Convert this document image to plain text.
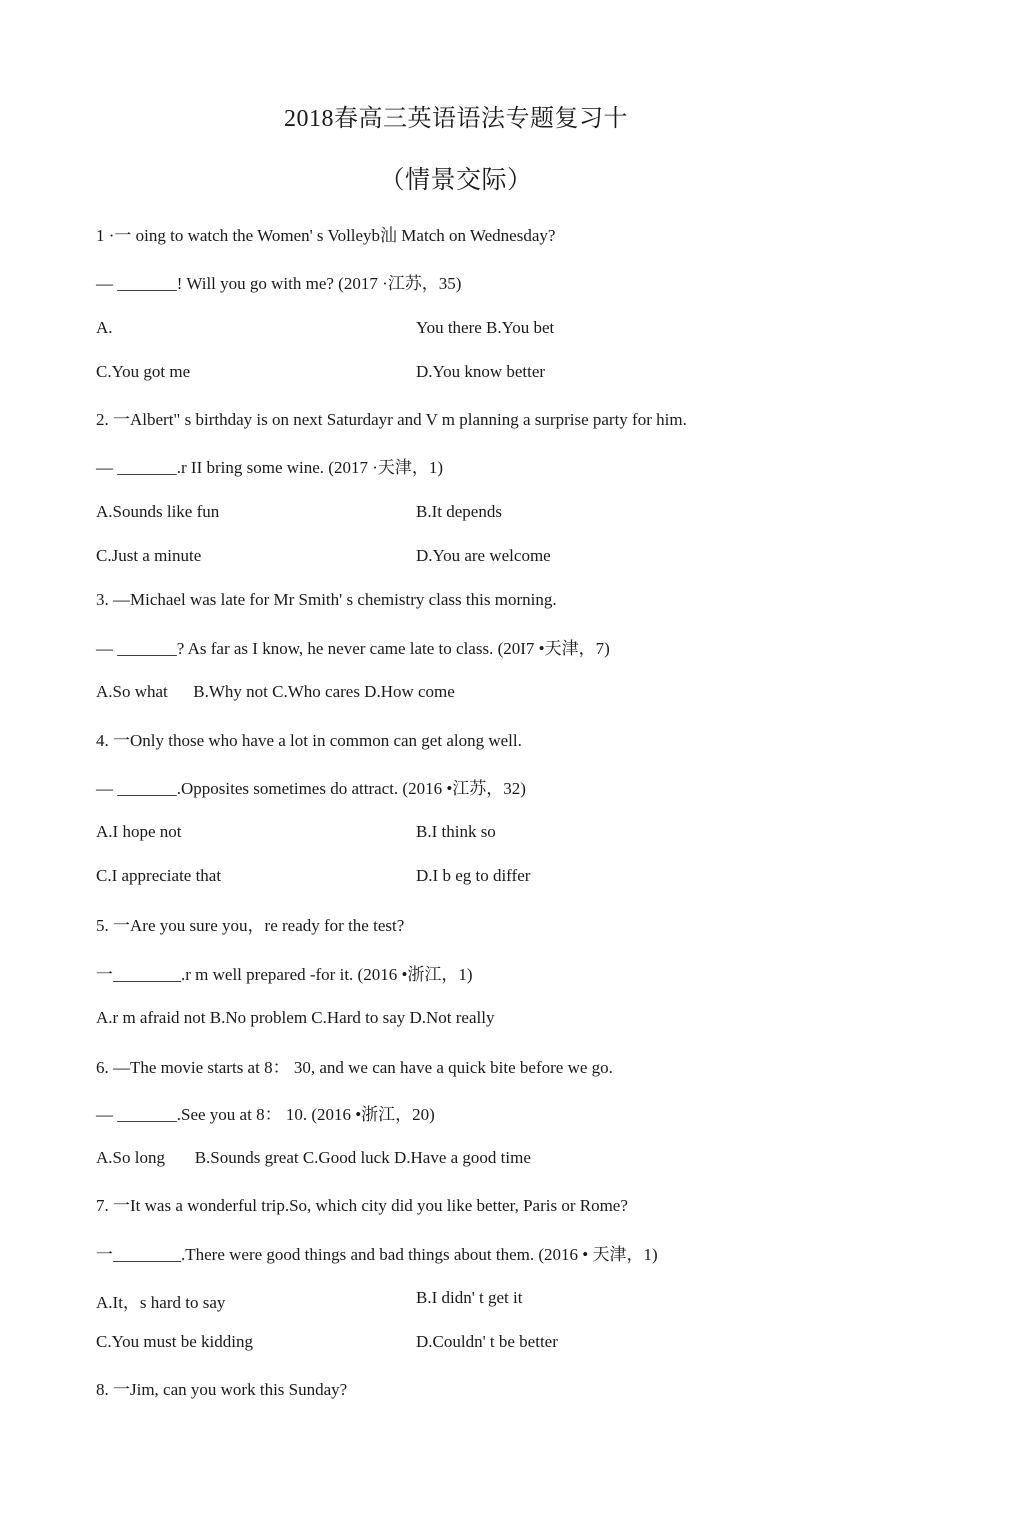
2018春高三英语语法专题复习十
（情景交际）
1 ·一 oing to watch the Women' s Volleyb汕 Match on Wednesday?
— _______! Will you go with me? (2017 ·江苏，35)
A.	You there B.You bet
C.You got me	D.You know better
2. 一Albert" s birthday is on next Saturdayr and V m planning a surprise party for him.
— _______.r II bring some wine. (2017 ·天津，1)
A.Sounds like fun	B.It depends
C.Just a minute	D.You are welcome
3. —Michael was late for Mr Smith' s chemistry class this morning.
— _______? As far as I know, he never came late to class. (20I7 •天津，7)
A.So what      B.Why not C.Who cares D.How come
4. 一Only those who have a lot in common can get along well.
— _______.Opposites sometimes do attract. (2016 •江苏，32)
A.I hope not	B.I think so
C.I appreciate that	D.I b eg to differ
5. 一Are you sure you，re ready for the test?
一________.r m well prepared -for it. (2016 •浙江，1)
A.r m afraid not B.No problem C.Hard to say D.Not really
6. —The movie starts at 8： 30, and we can have a quick bite before we go.
— _______.See you at 8： 10. (2016 •浙江，20)
A.So long       B.Sounds great C.Good luck D.Have a good time
7. 一It was a wonderful trip.So, which city did you like better, Paris or Rome?
一________.There were good things and bad things about them. (2016 • 天津，1)
A.It，s hard to say	B.I didn' t get it
C.You must be kidding	D.Couldn' t be better
8. 一Jim, can you work this Sunday?
